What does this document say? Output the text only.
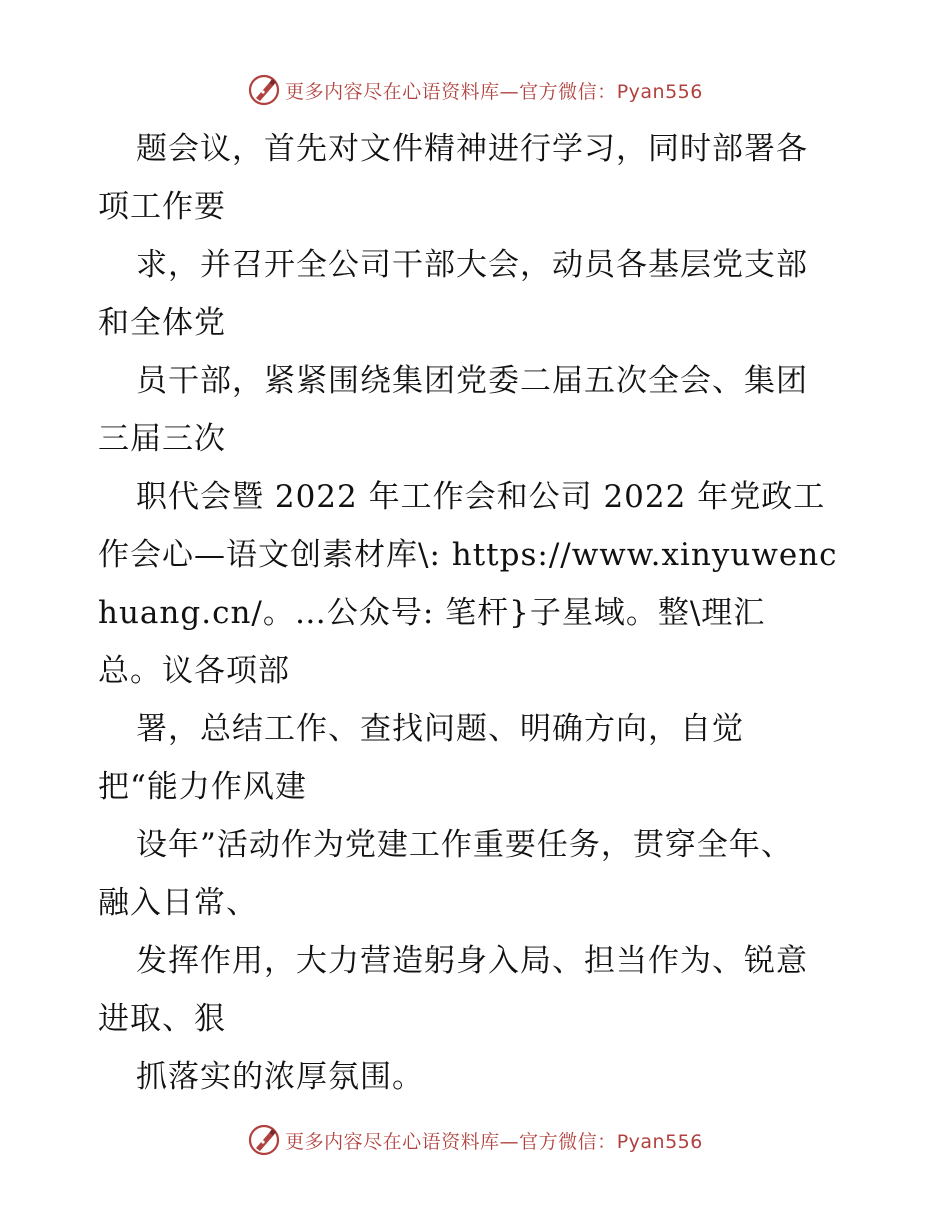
更多内容尽在心语资料库—官方微信：Pyan556
题会议，首先对文件精神进行学习，同时部署各
项工作要
求，并召开全公司干部大会，动员各基层党支部
和全体党
员干部，紧紧围绕集团党委二届五次全会、集团
三届三次
职代会暨 2022 年工作会和公司 2022 年党政工
作会心—语文创素材库\: https://www.xinyuwenc
huang.cn/。…公众号: 笔杆}子星域。整\理汇
总。议各项部
署，总结工作、查找问题、明确方向，自觉
把“能力作风建
设年”活动作为党建工作重要任务，贯穿全年、
融入日常、
发挥作用，大力营造躬身入局、担当作为、锐意
进取、狠
抓落实的浓厚氛围。
更多内容尽在心语资料库—官方微信：Pyan556
